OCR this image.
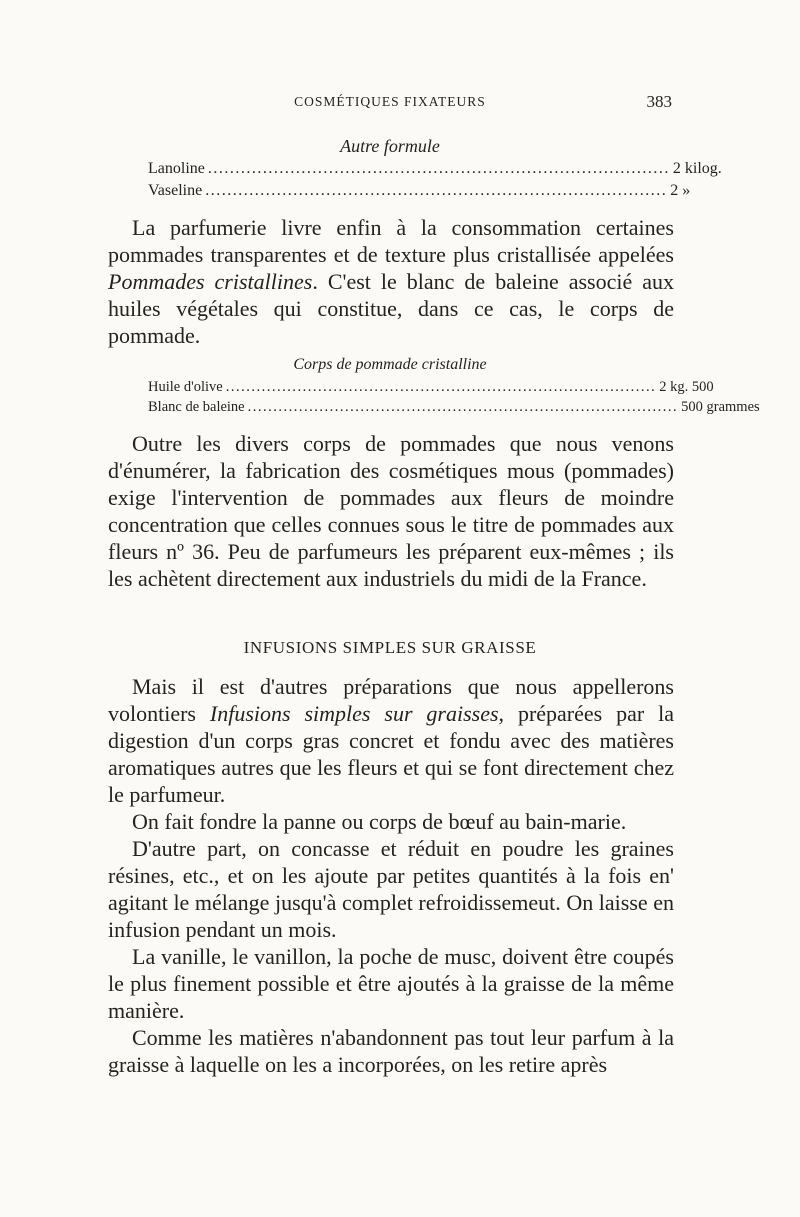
COSMÉTIQUES FIXATEURS	383
Autre formule
Lanoline .................................................................................... 2 kilog.
Vaseline .................................................................................... 2 »
La parfumerie livre enfin à la consommation certaines pommades transparentes et de texture plus cristallisée appelées Pommades cristallines. C'est le blanc de baleine associé aux huiles végétales qui constitue, dans ce cas, le corps de pommade.
Corps de pommade cristalline
Huile d'olive .................................................................................... 2 kg. 500
Blanc de baleine .................................................................................... 500 grammes
Outre les divers corps de pommades que nous venons d'énumérer, la fabrication des cosmétiques mous (pommades) exige l'intervention de pommades aux fleurs de moindre concentration que celles connues sous le titre de pommades aux fleurs nº 36. Peu de parfumeurs les préparent eux-mêmes ; ils les achètent directement aux industriels du midi de la France.
INFUSIONS SIMPLES SUR GRAISSE
Mais il est d'autres préparations que nous appellerons volontiers Infusions simples sur graisses, préparées par la digestion d'un corps gras concret et fondu avec des matières aromatiques autres que les fleurs et qui se font directement chez le parfumeur.
On fait fondre la panne ou corps de bœuf au bain-marie.
D'autre part, on concasse et réduit en poudre les graines résines, etc., et on les ajoute par petites quantités à la fois en' agitant le mélange jusqu'à complet refroidissemeut. On laisse en infusion pendant un mois.
La vanille, le vanillon, la poche de musc, doivent être coupés le plus finement possible et être ajoutés à la graisse de la même manière.
Comme les matières n'abandonnent pas tout leur parfum à la graisse à laquelle on les a incorporées, on les retire après
